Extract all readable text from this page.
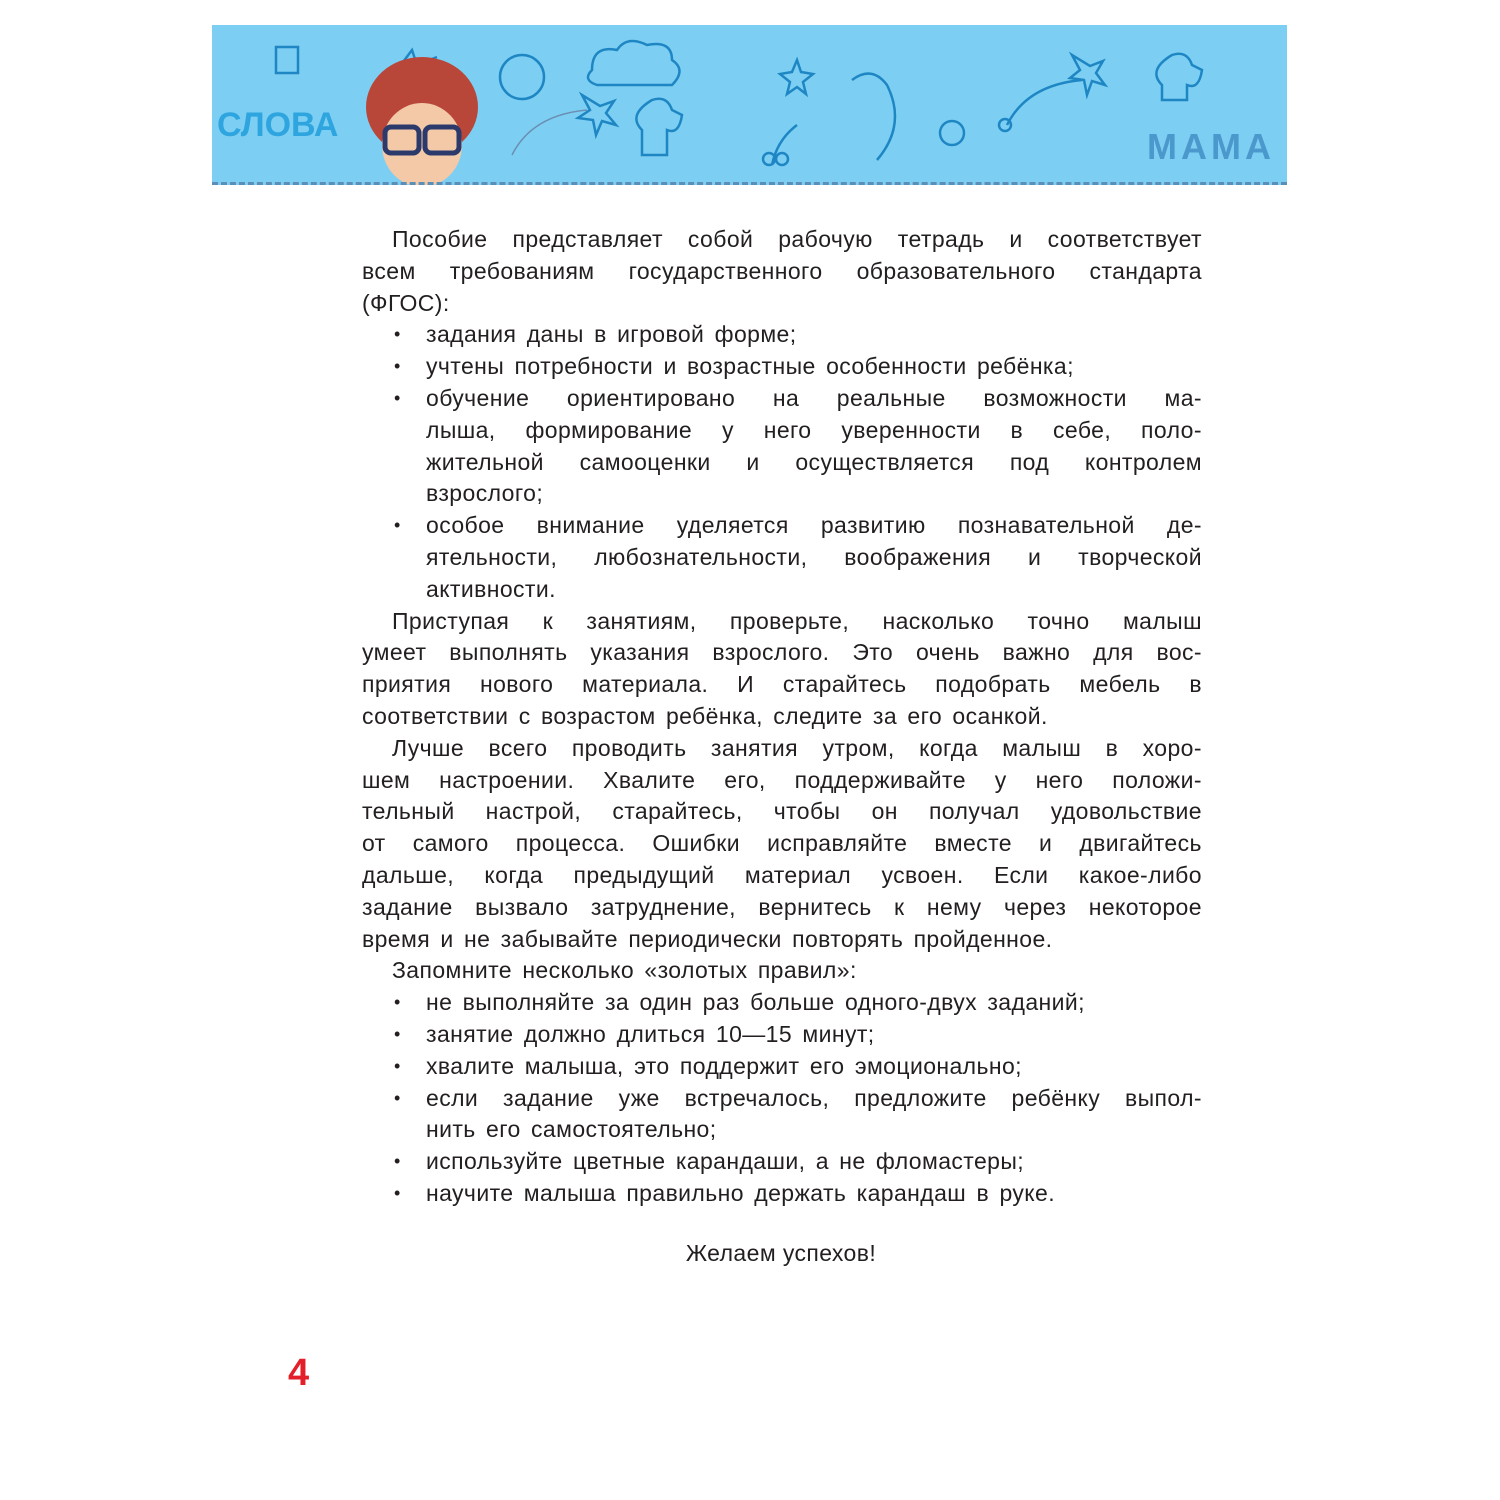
СЛОВА
МАМА
Пособие представляет собой рабочую тетрадь и соответствует
всем требованиям государственного образовательного стандарта
(ФГОС):
• задания даны в игровой форме;
• учтены потребности и возрастные особенности ребёнка;
• обучение ориентировано на реальные возможности ма-
лыша, формирование у него уверенности в себе, поло-
жительной самооценки и осуществляется под контролем
взрослого;
• особое внимание уделяется развитию познавательной де-
ятельности, любознательности, воображения и творческой
активности.
Приступая к занятиям, проверьте, насколько точно малыш
умеет выполнять указания взрослого. Это очень важно для вос-
приятия нового материала. И старайтесь подобрать мебель в
соответствии с возрастом ребёнка, следите за его осанкой.
Лучше всего проводить занятия утром, когда малыш в хоро-
шем настроении. Хвалите его, поддерживайте у него положи-
тельный настрой, старайтесь, чтобы он получал удовольствие
от самого процесса. Ошибки исправляйте вместе и двигайтесь
дальше, когда предыдущий материал усвоен. Если какое-либо
задание вызвало затруднение, вернитесь к нему через некоторое
время и не забывайте периодически повторять пройденное.
Запомните несколько «золотых правил»:
• не выполняйте за один раз больше одного-двух заданий;
• занятие должно длиться 10—15 минут;
• хвалите малыша, это поддержит его эмоционально;
• если задание уже встречалось, предложите ребёнку выпол-
нить его самостоятельно;
• используйте цветные карандаши, а не фломастеры;
• научите малыша правильно держать карандаш в руке.
Желаем успехов!
4
